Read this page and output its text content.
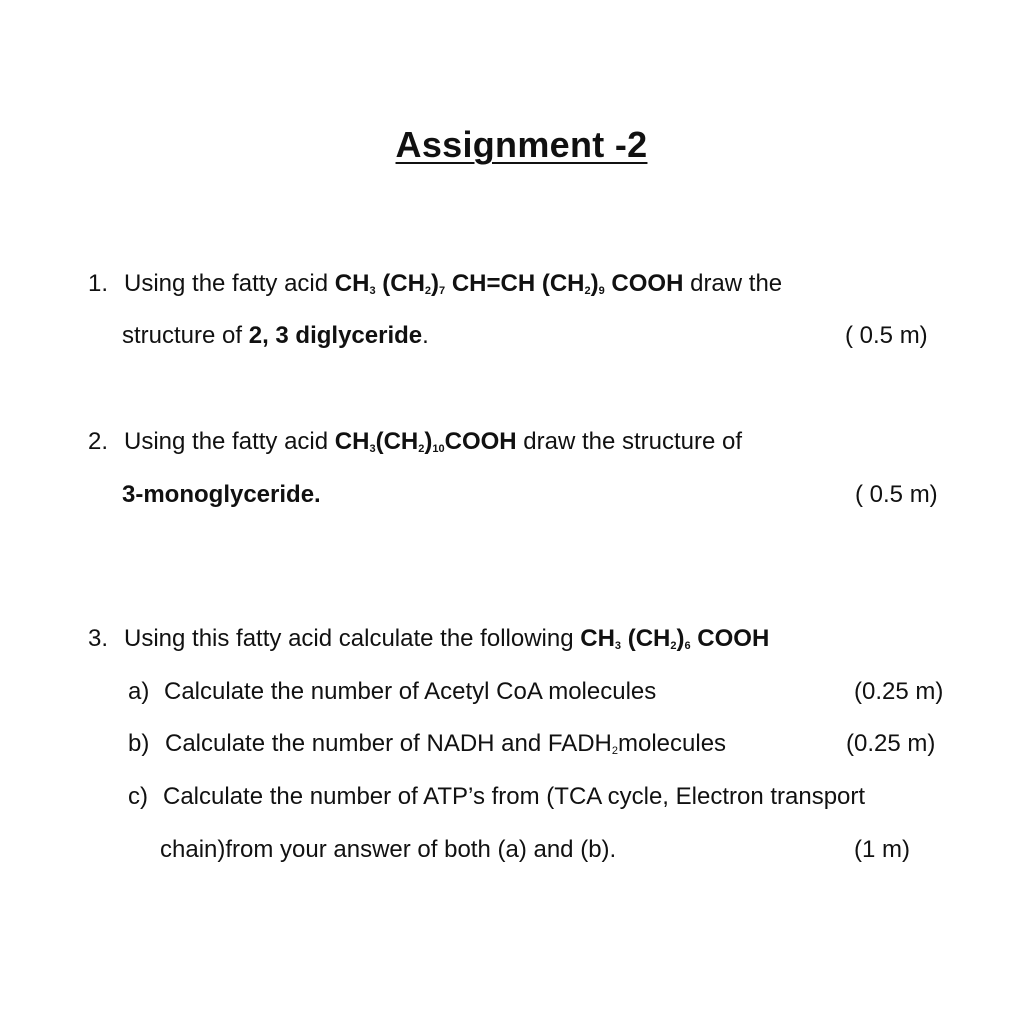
Assignment -2
1. Using the fatty acid $CH_3$ $(CH_2)_7$ CH=CH $(CH_2)_9$ COOH draw the
structure of 2, 3 diglyceride.	( 0.5 m)
2. Using the fatty acid $CH_3(CH_2)_{10}COOH$ draw the structure of
3-monoglyceride.	( 0.5 m)
3. Using this fatty acid calculate the following $CH_3$ $(CH_2)_6$ COOH
a) Calculate the number of Acetyl CoA molecules	(0.25 m)
b) Calculate the number of NADH and $FADH_2molecules$	(0.25 m)
c) Calculate the number of ATP’s from (TCA cycle, Electron transport
chain)from your answer of both (a) and (b).	(1 m)
